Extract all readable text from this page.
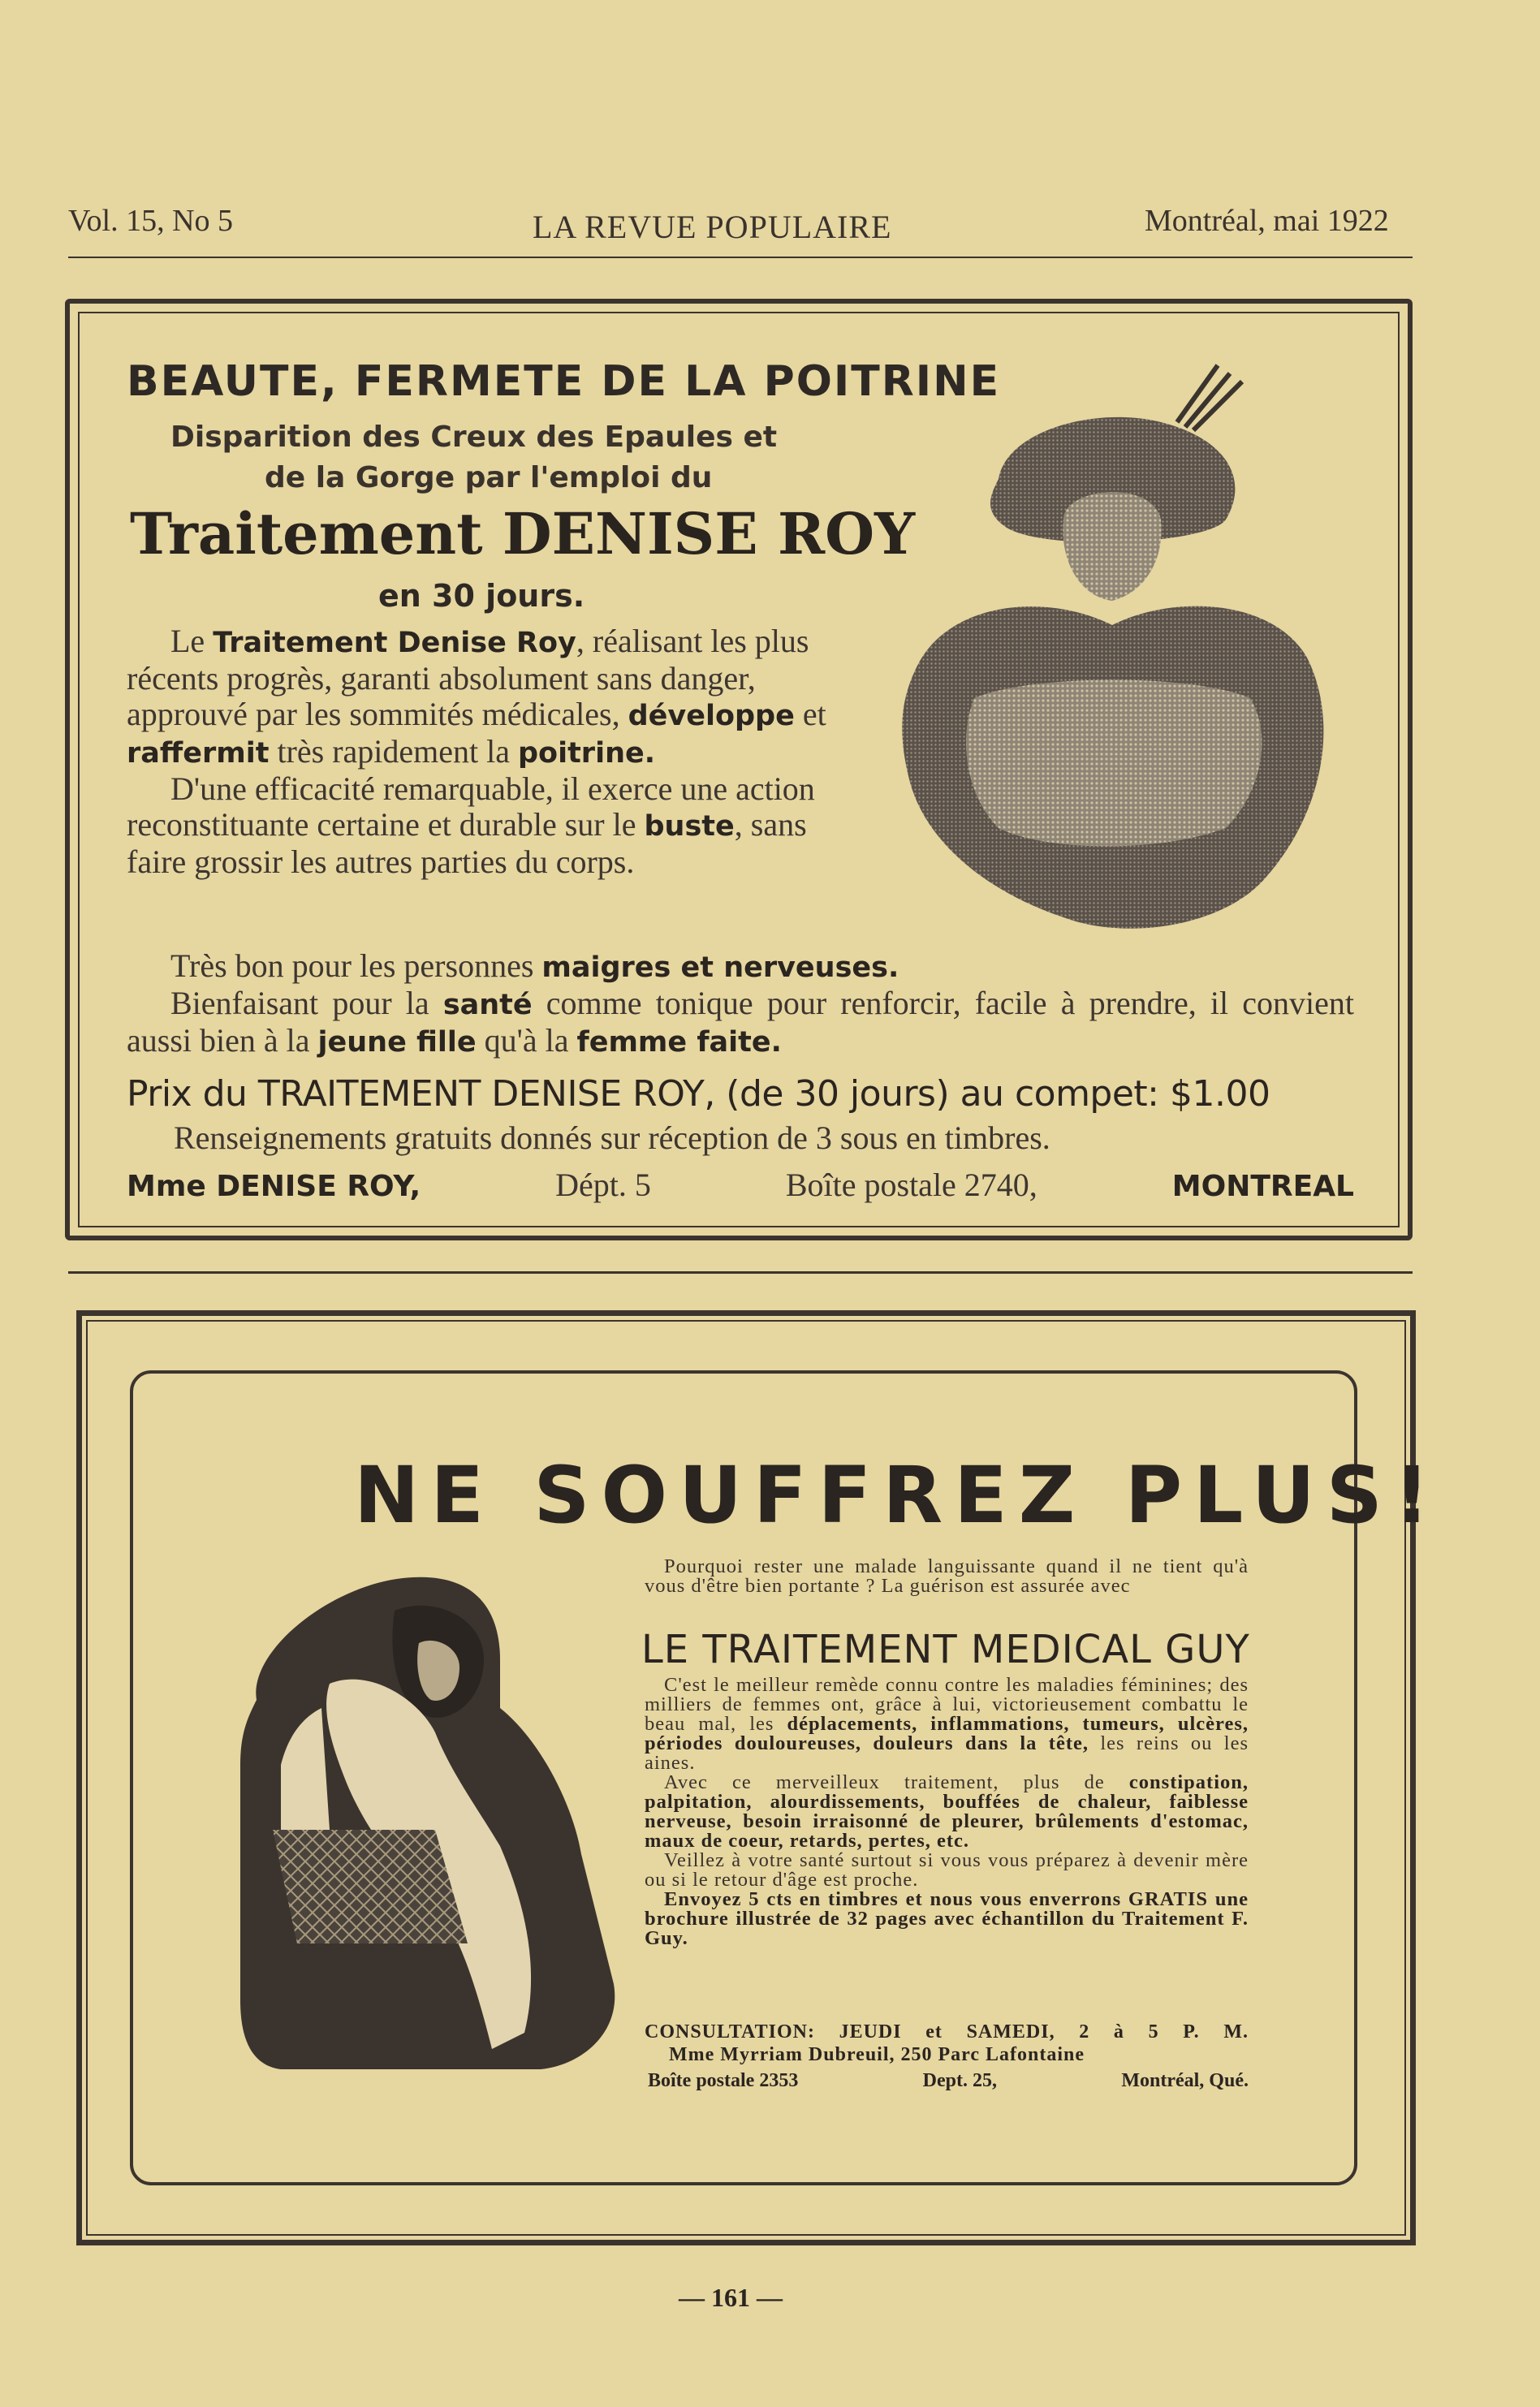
Vol. 15, No 5	LA REVUE POPULAIRE	Montréal, mai 1922
BEAUTE, FERMETE DE LA POITRINE
Disparition des Creux des Epaules et
de la Gorge par l'emploi du
Traitement DENISE ROY
en 30 jours.

Le Traitement Denise Roy, réalisant les plus récents progrès, garanti absolument sans danger, approuvé par les sommités médicales, développe et raffermit très rapidement la poitrine.

D'une efficacité remarquable, il exerce une action reconstituante certaine et durable sur le buste, sans faire grossir les autres parties du corps.

Très bon pour les personnes maigres et nerveuses.

Bienfaisant pour la santé comme tonique pour renforcir, facile à prendre, il convient aussi bien à la jeune fille qu'à la femme faite.

Prix du TRAITEMENT DENISE ROY, (de 30 jours) au compet: $1.00
Renseignements gratuits donnés sur réception de 3 sous en timbres.
Mme DENISE ROY,	Dépt. 5	Boîte postale 2740,	MONTREAL
NE SOUFFREZ PLUS!

Pourquoi rester une malade languissante quand il ne tient qu'à vous d'être bien portante ? La guérison est assurée avec

LE TRAITEMENT MEDICAL GUY

C'est le meilleur remède connu contre les maladies féminines; des milliers de femmes ont, grâce à lui, victorieusement combattu le beau mal, les déplacements, inflammations, tumeurs, ulcères, périodes douloureuses, douleurs dans la tête, les reins ou les aines.

Avec ce merveilleux traitement, plus de constipation, palpitation, alourdissements, bouffées de chaleur, faiblesse nerveuse, besoin irraisonné de pleurer, brûlements d'estomac, maux de coeur, retards, pertes, etc.

Veillez à votre santé surtout si vous vous préparez à devenir mère ou si le retour d'âge est proche.

Envoyez 5 cts en timbres et nous vous enverrons GRATIS une brochure illustrée de 32 pages avec échantillon du Traitement F. Guy.

CONSULTATION: JEUDI et SAMEDI, 2 à 5 P. M.
Mme Myrriam Dubreuil, 250 Parc Lafontaine
Boîte postale 2353	Dept. 25,	Montréal, Qué.
— 161 —
